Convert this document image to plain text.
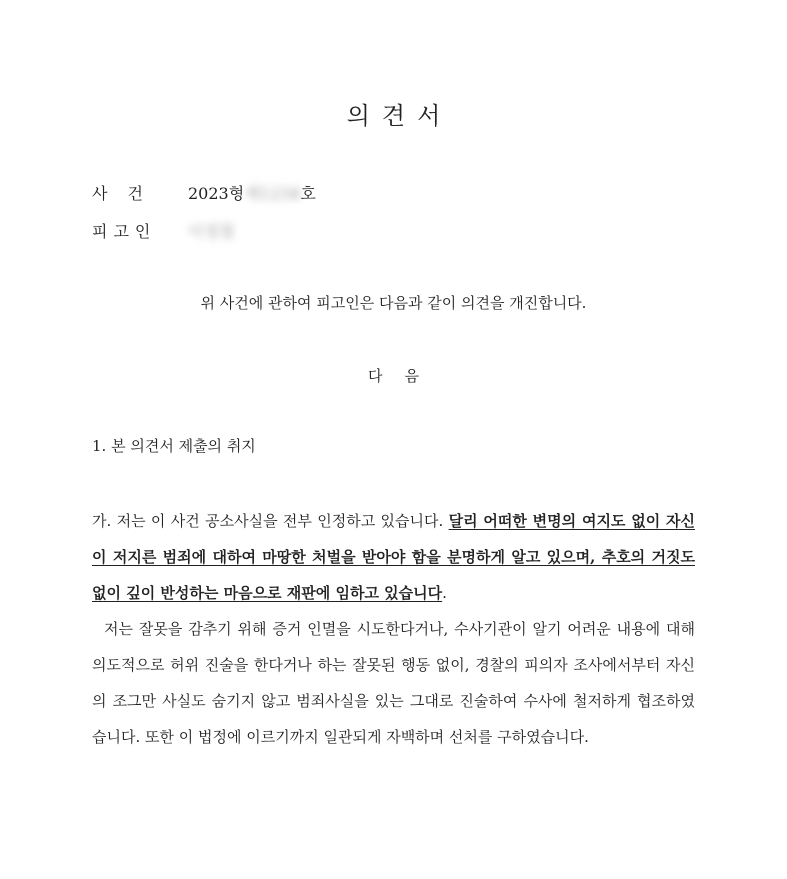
의견서
사건 2023형제1234호
피고인 이정철
위 사건에 관하여 피고인은 다음과 같이 의견을 개진합니다.
다음
1. 본 의견서 제출의 취지

가. 저는 이 사건 공소사실을 전부 인정하고 있습니다. 달리 어떠한 변명의 여지도 없이 자신이 저지른 범죄에 대하여 마땅한 처벌을 받아야 함을 분명하게 알고 있으며, 추호의 거짓도 없이 깊이 반성하는 마음으로 재판에 임하고 있습니다.

저는 잘못을 감추기 위해 증거 인멸을 시도한다거나, 수사기관이 알기 어려운 내용에 대해 의도적으로 허위 진술을 한다거나 하는 잘못된 행동 없이, 경찰의 피의자 조사에서부터 자신의 조그만 사실도 숨기지 않고 범죄사실을 있는 그대로 진술하여 수사에 철저하게 협조하였습니다. 또한 이 법정에 이르기까지 일관되게 자백하며 선처를 구하였습니다.
